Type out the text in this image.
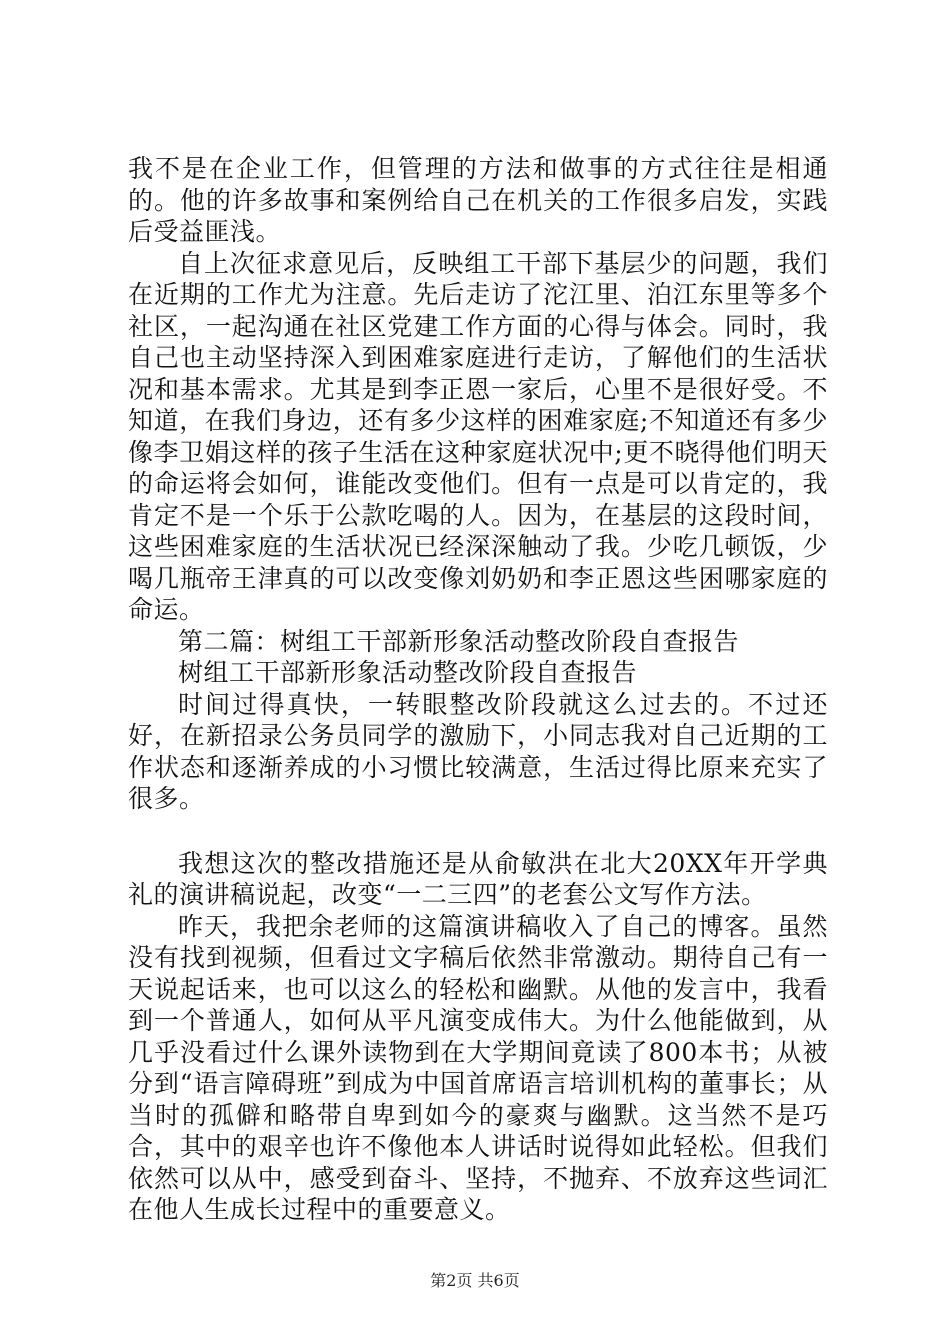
我不是在企业工作，但管理的方法和做事的方式往往是相通的。他的许多故事和案例给自己在机关的工作很多启发，实践后受益匪浅。

自上次征求意见后，反映组工干部下基层少的问题，我们在近期的工作尤为注意。先后走访了沱江里、泊江东里等多个社区，一起沟通在社区党建工作方面的心得与体会。同时，我自己也主动坚持深入到困难家庭进行走访，了解他们的生活状况和基本需求。尤其是到李正恩一家后，心里不是很好受。不知道，在我们身边，还有多少这样的困难家庭;不知道还有多少像李卫娟这样的孩子生活在这种家庭状况中;更不晓得他们明天的命运将会如何，谁能改变他们。但有一点是可以肯定的，我肯定不是一个乐于公款吃喝的人。因为，在基层的这段时间，这些困难家庭的生活状况已经深深触动了我。少吃几顿饭，少喝几瓶帝王津真的可以改变像刘奶奶和李正恩这些困哪家庭的命运。

第二篇：树组工干部新形象活动整改阶段自查报告

树组工干部新形象活动整改阶段自查报告

时间过得真快，一转眼整改阶段就这么过去的。不过还好，在新招录公务员同学的激励下，小同志我对自己近期的工作状态和逐渐养成的小习惯比较满意，生活过得比原来充实了很多。

我想这次的整改措施还是从俞敏洪在北大20XX年开学典礼的演讲稿说起，改变“一二三四”的老套公文写作方法。

昨天，我把余老师的这篇演讲稿收入了自己的博客。虽然没有找到视频，但看过文字稿后依然非常激动。期待自己有一天说起话来，也可以这么的轻松和幽默。从他的发言中，我看到一个普通人，如何从平凡演变成伟大。为什么他能做到，从几乎没看过什么课外读物到在大学期间竟读了800本书；从被分到“语言障碍班”到成为中国首席语言培训机构的董事长；从当时的孤僻和略带自卑到如今的豪爽与幽默。这当然不是巧合，其中的艰辛也许不像他本人讲话时说得如此轻松。但我们依然可以从中，感受到奋斗、坚持，不抛弃、不放弃这些词汇在他人生成长过程中的重要意义。

第2页 共6页
